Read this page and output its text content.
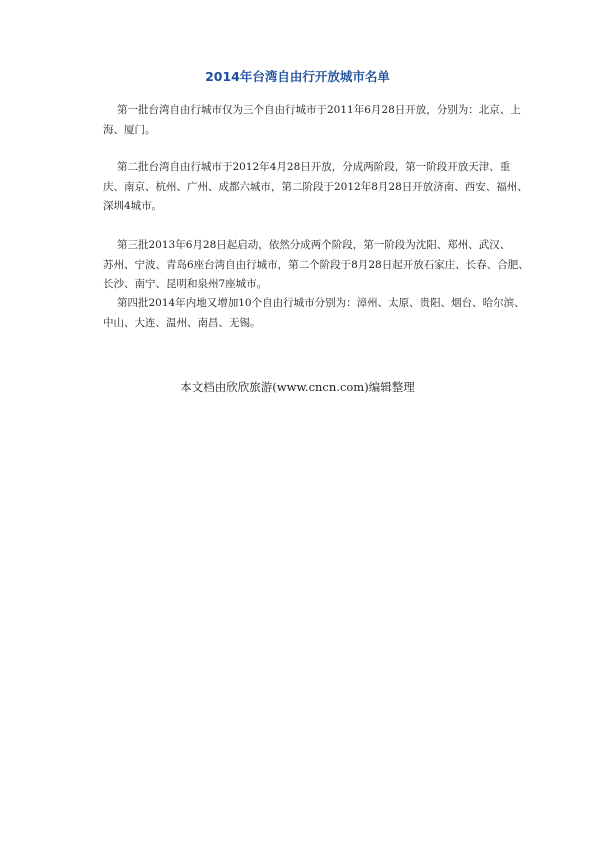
2014年台湾自由行开放城市名单
第一批台湾自由行城市仅为三个自由行城市于2011年6月28日开放，分别为：北京、上
海、厦门。
第二批台湾自由行城市于2012年4月28日开放，分成两阶段，第一阶段开放天津、重
庆、南京、杭州、广州、成都六城市，第二阶段于2012年8月28日开放济南、西安、福州、
深圳4城市。
第三批2013年6月28日起启动，依然分成两个阶段，第一阶段为沈阳、郑州、武汉、
苏州、宁波、青岛6座台湾自由行城市，第二个阶段于8月28日起开放石家庄、长春、合肥、
长沙、南宁、昆明和泉州7座城市。
第四批2014年内地又增加10个自由行城市分别为：漳州、太原、贵阳、烟台、哈尔滨、
中山、大连、温州、南昌、无锡。
本文档由欣欣旅游(www.cncn.com)编辑整理
